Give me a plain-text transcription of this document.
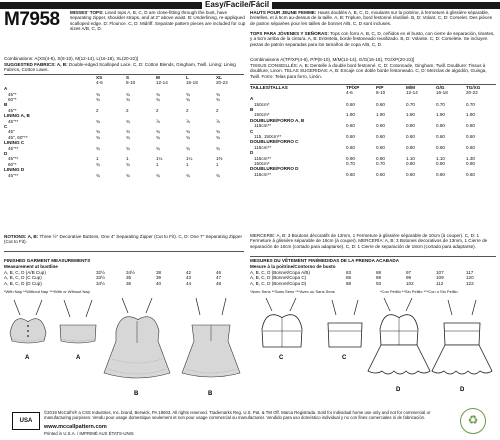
Easy/Facile/Fácil
M7958 MISSES' TOPS: Lined tops A, B, C, D are close-fitting through the bust, have separating zipper, shoulder straps, and at 2" above waist. B: Underlining, re-appliqued scalloped edge. D: Flounce. C, D: Midriff. Separate pattern pieces are included for cup sizes A/B, C, D.
Combinations: A(XS(4-6), S(8-10), M(12-14), L(16-18), XL(20-22)]
SUGGESTED FABRICS: A, B: Double-edged Scalloped Lace. C, D: Cotton Blends, Gingham, Twill. Lining: Lining Fabrics, Cotton Lawn.
XS	S	M	L	XL
4-6	8-10	12-14	16-18	20-22
A
45"*	¾	¾	¾	¾	¾
60"*	¾	¾	¾	¾	¾
B
45"*	2	2	2	2	2
LINING A, B
45"**	¾	¾	⅞	⅞	⅞
C
45"	¾	¾	¾	¾	¾
45", 60"**	¾	¾	¾	¾	¾
LINING C
45"**	¾	¾	¾	¾	¾
D
45"**	1	1	1¼	1¼	1⅜
60"*	¾	¾	1	1	1
LINING D
45"**	¾	¾	¾	¾	¾
NOTIONS: A, B: Three ½" Decorative Buttons, One 4" Separating Zipper (Cut to Fit). C, D: One 7" Separating Zipper (Cut to Fit).
FINISHED GARMENT MEASUREMENTS
Measurement at bustline
A, B, C, D (A/B Cup)	32½	34½	38	42	46
A, B, C, D (C Cup)	33½	35	39	43	47
A, B, C, D (D Cup)	34½	36	40	44	48
*With Nap **Without Nap ***With or Without Nap
HAUTS POUR JEUNE FEMME: Hauts doublés A, B, C, D, moulants sur la poitrine, à fermeture à glissière séparable, bretelles, et à 5cm au-dessus de la taille. A, B: Triplure, bord festonné réutilisé. B, D: Volant. C, D: Corselet. Des pièces de patron séparées pour les tailles de bonnet A/B, C, D sont incluses.
TOPS PARA JÓVENES Y SEÑORAS: Tops con forro A, B, C, D, ceñidos en el busto, con cierre de separación, tirantes, y a 5cm arriba de la cintura. A, B: Entretela, borde festoneado reutilizado. B, D: Volante. C, D: Corselete. Se incluyen piezas de patrón separadas para los tamaños de copa A/B, C, D.
Combinaisons A(TP/XP(4-6), P/P(8-10), M/M(12-14), G/G(16-18), TG/XP(20-22)]
TISSUS CONSEILLÉS: A, B: Dentelle à double bord festonné. C, D: Cotonnade, Gingham, Twill. Doublure: Tissus à doublure, Linon. TELAS SUGERIDAS: A, B: Encaje con doble borde festoneado. C, D: Mezclas de algodón, Guinga, Twill. Forro: Telas para forro, Linón.
TAILLES/TALLAS	TP/XP	P/P	M/M	G/G	TG/XG
4-6	8-10	12-14	16-18	20-22
A
150cm*	0.60	0.60	0.70	0.70	0.70
B
150cm*	1.90	1.90	1.90	1.90	1.90
DOUBLURE/FORRO A, B
115cm**	0.60	0.60	0.80	0.80	0.80
C
115, 150cm**	0.60	0.60	0.60	0.60	0.60
DOUBLURE/FORRO C
115cm**	0.60	0.60	0.60	0.60	0.60
D
115cm**	0.90	0.90	1.10	1.10	1.30
150cm*	0.70	0.70	0.90	0.90	0.90
DOUBLURE/FORRO D
115cm**	0.60	0.60	0.60	0.60	0.60
MERCERIE: A, B: 3 Boutons décoratifs de 13mm, 1 Fermeture à glissière séparable de 10cm (à couper). C, D: 1 Fermeture à glissière séparable de 18cm (à couper). MERCERÍA: A, B: 3 Botones decorativos de 13mm, 1 Cierre de separación de 10cm (cortado para adaptarse). C, D: 1 Cierre de separación de 18cm (cortado para adaptarse).
MESURES DU VÊTEMENT FINI/MEDIDAS DE LA PRENDA ACABADA
Mesure à la poitrine/Contorno de busto
A, B, C, D (Bonnet/Copa A/B)	83	88	97	107	117
A, B, C, D (Bonnet/Copa C)	85	89	99	109	120
A, B, C, D (Bonnet/Copa D)	88	93	102	112	122
*Avec Sens **Sans Sens ***Avec ou Sans Sens	*Con Pelillo **Sin Pelillo ***Con o Sin Pelillo
A	A
B	B
C	C
D	D
USA
©2019 McCall's® a CSS Industries, Inc. brand, Berwick, PA 18603. All rights reserved. Trademarks Reg. U.S. Pat. & TM Off. Marca Registrada. Sold for individual home use only and not for commercial or manufacturing purposes. Vendu pour usage domestique seulement et non pour usage commercial ou manufacturier. Vendido para uso doméstico individual y no con fines comerciales ni de fabricación.
www.mccallpattern.com
Printed in U.S.A. / IMPRIMÉ AUX ÉTATS-UNIS
♻
